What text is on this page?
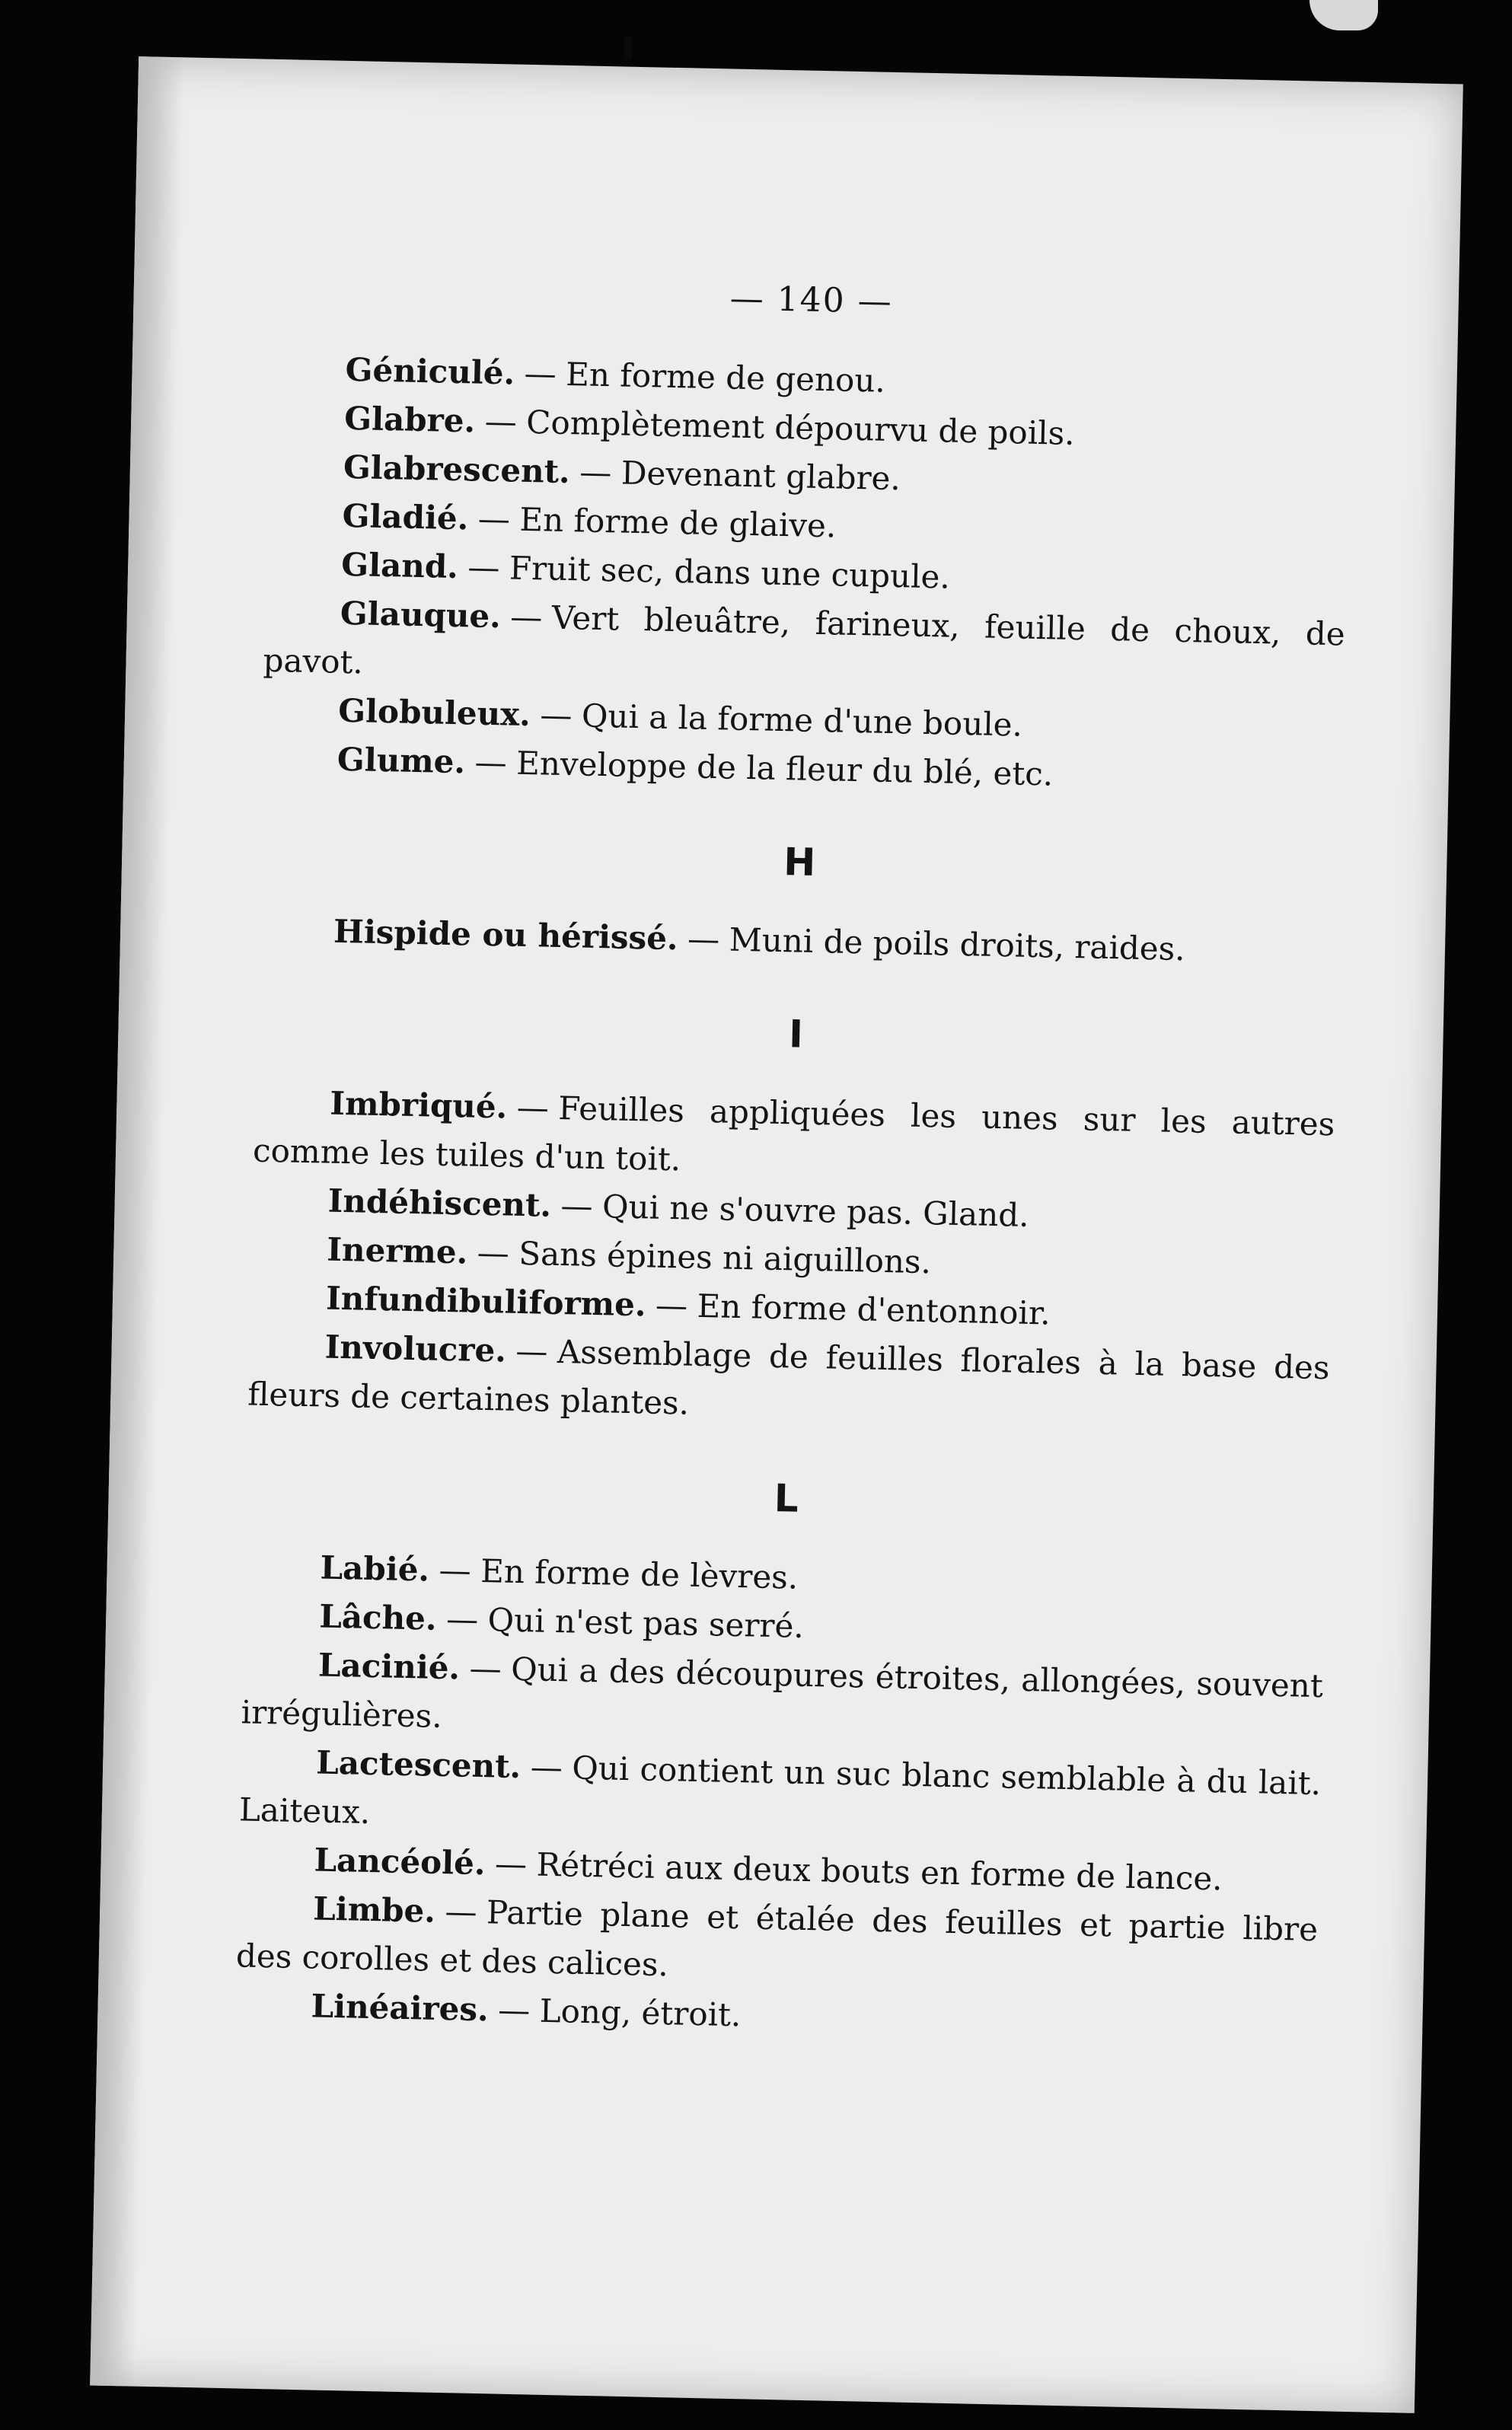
— 140 —

Géniculé. — En forme de genou.

Glabre. — Complètement dépourvu de poils.

Glabrescent. — Devenant glabre.

Gladié. — En forme de glaive.

Gland. — Fruit sec, dans une cupule.

Glauque. — Vert bleuâtre, farineux, feuille de choux, de pavot.

Globuleux. — Qui a la forme d'une boule.

Glume. — Enveloppe de la fleur du blé, etc.

H

Hispide ou hérissé. — Muni de poils droits, raides.

I

Imbriqué. — Feuilles appliquées les unes sur les autres comme les tuiles d'un toit.

Indéhiscent. — Qui ne s'ouvre pas. Gland.

Inerme. — Sans épines ni aiguillons.

Infundibuliforme. — En forme d'entonnoir.

Involucre. — Assemblage de feuilles florales à la base des fleurs de certaines plantes.

L

Labié. — En forme de lèvres.

Lâche. — Qui n'est pas serré.

Lacinié. — Qui a des découpures étroites, allongées, souvent irrégulières.

Lactescent. — Qui contient un suc blanc semblable à du lait. Laiteux.

Lancéolé. — Rétréci aux deux bouts en forme de lance.

Limbe. — Partie plane et étalée des feuilles et partie libre des corolles et des calices.

Linéaires. — Long, étroit.
